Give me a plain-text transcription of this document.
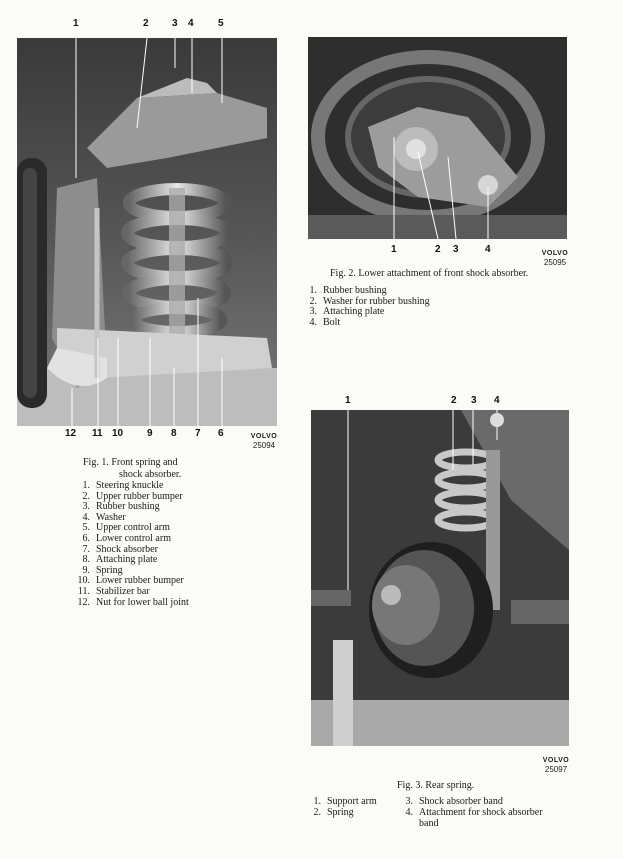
1	2 3 4 5
12 11 10 9 8 7 6	VOLVO
25094
Fig. 1. Front spring and
shock absorber.
1. Steering knuckle
2. Upper rubber bumper
3. Rubber bushing
4. Washer
5. Upper control arm
6. Lower control arm
7. Shock absorber
8. Attaching plate
9. Spring
10. Lower rubber bumper
11. Stabilizer bar
12. Nut for lower ball joint
1	2 3	4	VOLVO
25095
Fig. 2. Lower attachment of front shock absorber.
1. Rubber bushing
2. Washer for rubber bushing
3. Attaching plate
4. Bolt
1	2 3 4
VOLVO
25097
Fig. 3. Rear spring.
1. Support arm
2. Spring
3. Shock absorber band
4. Attachment for shock absorber band
